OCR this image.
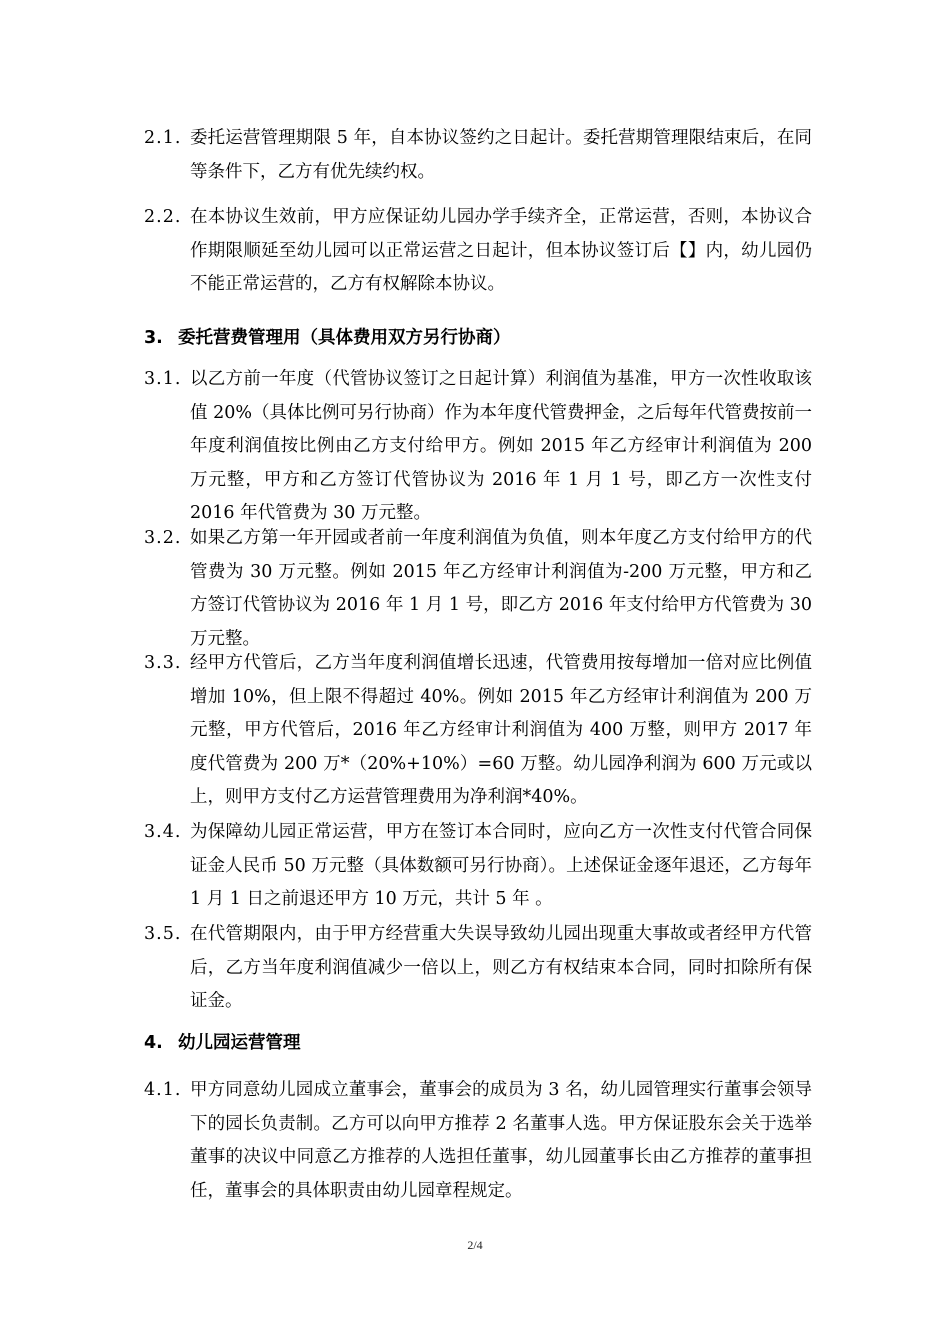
2.1. 委托运营管理期限 5 年，自本协议签约之日起计。委托营期管理限结束后，在同等条件下，乙方有优先续约权。
2.2. 在本协议生效前，甲方应保证幼儿园办学手续齐全，正常运营，否则，本协议合作期限顺延至幼儿园可以正常运营之日起计，但本协议签订后【】内，幼儿园仍不能正常运营的，乙方有权解除本协议。
3. 委托营费管理用（具体费用双方另行协商）
3.1. 以乙方前一年度（代管协议签订之日起计算）利润值为基准，甲方一次性收取该值 20%（具体比例可另行协商）作为本年度代管费押金，之后每年代管费按前一年度利润值按比例由乙方支付给甲方。例如 2015 年乙方经审计利润值为 200 万元整，甲方和乙方签订代管协议为 2016 年 1 月 1 号，即乙方一次性支付 2016 年代管费为 30 万元整。
3.2. 如果乙方第一年开园或者前一年度利润值为负值，则本年度乙方支付给甲方的代管费为 30 万元整。例如 2015 年乙方经审计利润值为-200 万元整，甲方和乙方签订代管协议为 2016 年 1 月 1 号，即乙方 2016 年支付给甲方代管费为 30 万元整。
3.3. 经甲方代管后，乙方当年度利润值增长迅速，代管费用按每增加一倍对应比例值增加 10%，但上限不得超过 40%。例如 2015 年乙方经审计利润值为 200 万元整，甲方代管后，2016 年乙方经审计利润值为 400 万整，则甲方 2017 年度代管费为 200 万*（20%+10%）=60 万整。幼儿园净利润为 600 万元或以上，则甲方支付乙方运营管理费用为净利润*40%。
3.4. 为保障幼儿园正常运营，甲方在签订本合同时，应向乙方一次性支付代管合同保证金人民币 50 万元整（具体数额可另行协商）。上述保证金逐年退还，乙方每年 1 月 1 日之前退还甲方 10 万元，共计 5 年 。
3.5. 在代管期限内，由于甲方经营重大失误导致幼儿园出现重大事故或者经甲方代管后，乙方当年度利润值减少一倍以上，则乙方有权结束本合同，同时扣除所有保证金。
4. 幼儿园运营管理
4.1. 甲方同意幼儿园成立董事会，董事会的成员为 3 名，幼儿园管理实行董事会领导下的园长负责制。乙方可以向甲方推荐 2 名董事人选。甲方保证股东会关于选举董事的决议中同意乙方推荐的人选担任董事，幼儿园董事长由乙方推荐的董事担任，董事会的具体职责由幼儿园章程规定。
2/4
